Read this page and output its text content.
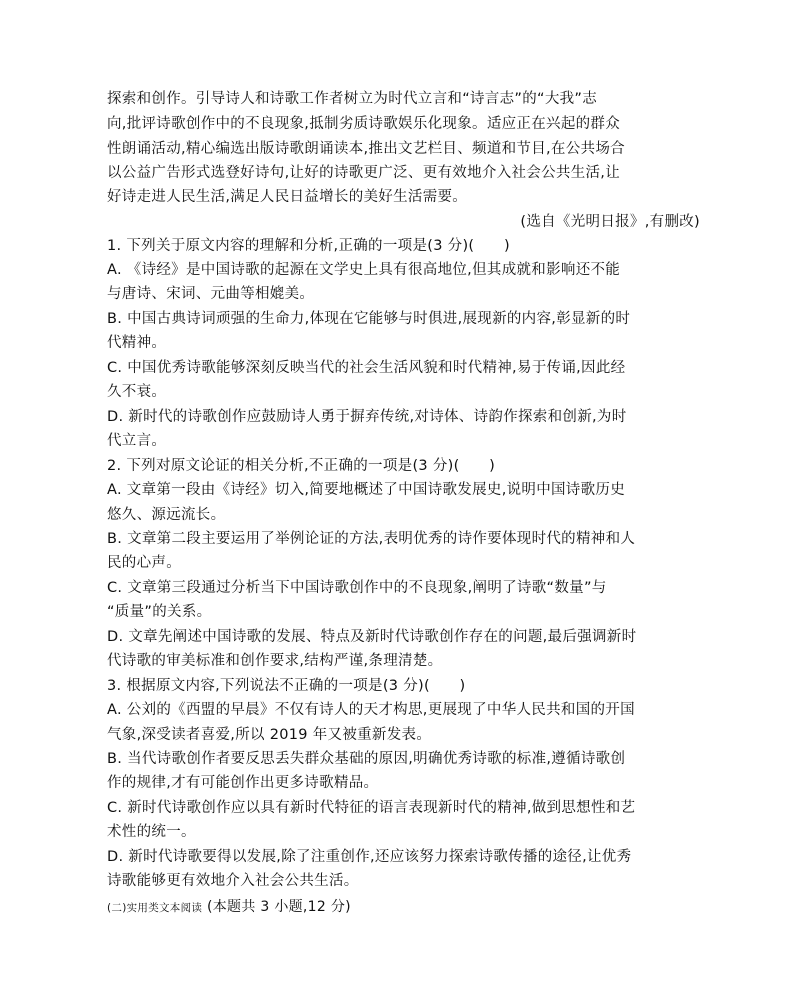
探索和创作。引导诗人和诗歌工作者树立为时代立言和“诗言志”的“大我”志
向,批评诗歌创作中的不良现象,抵制劣质诗歌娱乐化现象。适应正在兴起的群众
性朗诵活动,精心编选出版诗歌朗诵读本,推出文艺栏目、频道和节目,在公共场合
以公益广告形式选登好诗句,让好的诗歌更广泛、更有效地介入社会公共生活,让
好诗走进人民生活,满足人民日益增长的美好生活需要。
(选自《光明日报》,有删改)
1. 下列关于原文内容的理解和分析,正确的一项是(3 分)(　　)
A. 《诗经》是中国诗歌的起源在文学史上具有很高地位,但其成就和影响还不能
与唐诗、宋词、元曲等相媲美。
B. 中国古典诗词顽强的生命力,体现在它能够与时俱进,展现新的内容,彰显新的时
代精神。
C. 中国优秀诗歌能够深刻反映当代的社会生活风貌和时代精神,易于传诵,因此经
久不衰。
D. 新时代的诗歌创作应鼓励诗人勇于摒弃传统,对诗体、诗韵作探索和创新,为时
代立言。
2. 下列对原文论证的相关分析,不正确的一项是(3 分)(　　)
A. 文章第一段由《诗经》切入,简要地概述了中国诗歌发展史,说明中国诗歌历史
悠久、源远流长。
B. 文章第二段主要运用了举例论证的方法,表明优秀的诗作要体现时代的精神和人
民的心声。
C. 文章第三段通过分析当下中国诗歌创作中的不良现象,阐明了诗歌“数量”与
“质量”的关系。
D. 文章先阐述中国诗歌的发展、特点及新时代诗歌创作存在的问题,最后强调新时
代诗歌的审美标准和创作要求,结构严谨,条理清楚。
3. 根据原文内容,下列说法不正确的一项是(3 分)(　　)
A. 公刘的《西盟的早晨》不仅有诗人的天才构思,更展现了中华人民共和国的开国
气象,深受读者喜爱,所以 2019 年又被重新发表。
B. 当代诗歌创作者要反思丢失群众基础的原因,明确优秀诗歌的标准,遵循诗歌创
作的规律,才有可能创作出更多诗歌精品。
C. 新时代诗歌创作应以具有新时代特征的语言表现新时代的精神,做到思想性和艺
术性的统一。
D. 新时代诗歌要得以发展,除了注重创作,还应该努力探索诗歌传播的途径,让优秀
诗歌能够更有效地介入社会公共生活。
(二)实用类文本阅读 (本题共 3 小题,12 分)
